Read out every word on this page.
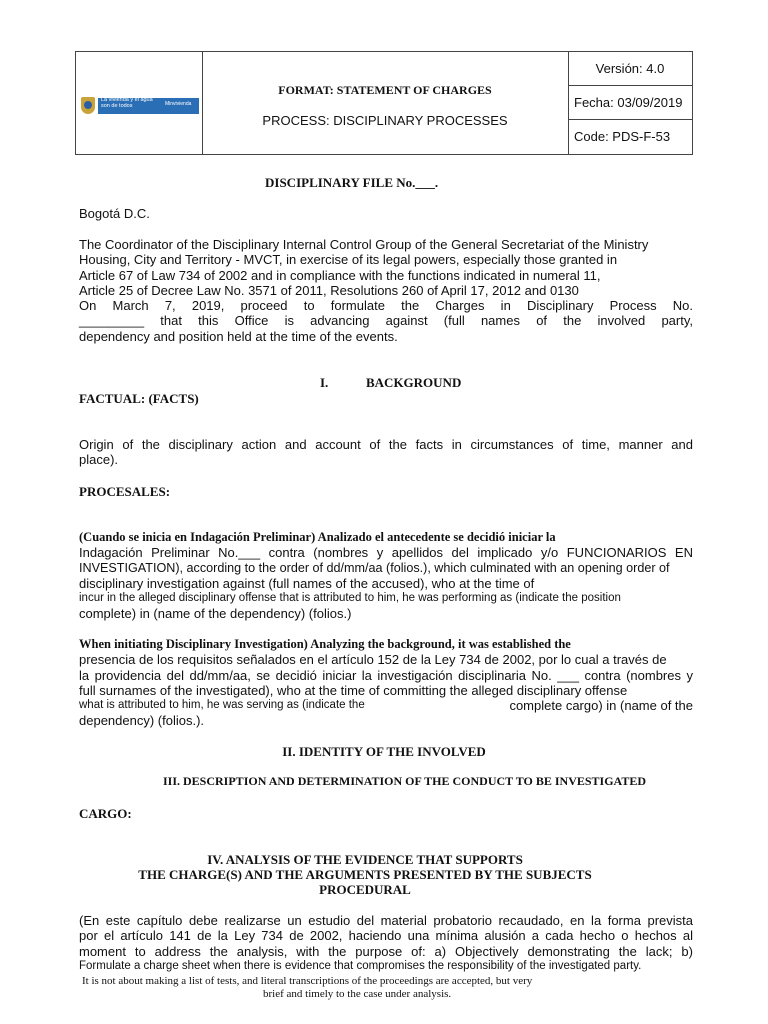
La vivienda y el agua son de todos	Minvivienda
FORMAT: STATEMENT OF CHARGES
PROCESS: DISCIPLINARY PROCESSES
Versión: 4.0
Fecha: 03/09/2019
Code: PDS-F-53
DISCIPLINARY FILE No.___.
Bogotá D.C.
The Coordinator of the Disciplinary Internal Control Group of the General Secretariat of the Ministry
Housing, City and Territory - MVCT, in exercise of its legal powers, especially those granted in
Article 67 of Law 734 of 2002 and in compliance with the functions indicated in numeral 11,
Article 25 of Decree Law No. 3571 of 2011, Resolutions 260 of April 17, 2012 and 0130
On March 7, 2019, proceed to formulate the Charges in Disciplinary Process No.
_________ that this Office is advancing against (full names of the involved party,
dependency and position held at the time of the events.
I.	BACKGROUND
FACTUAL: (FACTS)
Origin of the disciplinary action and account of the facts in circumstances of time, manner and
place).
PROCESALES:
(Cuando se inicia en Indagación Preliminar) Analizado el antecedente se decidió iniciar la
Indagación Preliminar No.___ contra (nombres y apellidos del implicado y/o FUNCIONARIOS EN
INVESTIGATION), according to the order of dd/mm/aa (folios.), which culminated with an opening order of
disciplinary investigation against (full names of the accused), who at the time of
incur in the alleged disciplinary offense that is attributed to him, he was performing as (indicate the position
complete) in (name of the dependency) (folios.)
When initiating Disciplinary Investigation) Analyzing the background, it was established the
presencia de los requisitos señalados en el artículo 152 de la Ley 734 de 2002, por lo cual a través de
la providencia del dd/mm/aa, se decidió iniciar la investigación disciplinaria No. ___ contra (nombres y
full surnames of the investigated), who at the time of committing the alleged disciplinary offense
what is attributed to him, he was serving as (indicate the	complete cargo) in (name of the
dependency) (folios.).
II. IDENTITY OF THE INVOLVED
III. DESCRIPTION AND DETERMINATION OF THE CONDUCT TO BE INVESTIGATED
CARGO:
IV. ANALYSIS OF THE EVIDENCE THAT SUPPORTS
THE CHARGE(S) AND THE ARGUMENTS PRESENTED BY THE SUBJECTS
PROCEDURAL
(En este capítulo debe realizarse un estudio del material probatorio recaudado, en la forma prevista
por el artículo 141 de la Ley 734 de 2002, haciendo una mínima alusión a cada hecho o hechos al
moment to address the analysis, with the purpose of: a) Objectively demonstrating the lack; b)
Formulate a charge sheet when there is evidence that compromises the responsibility of the investigated party.
It is not about making a list of tests, and literal transcriptions of the proceedings are accepted, but very
brief and timely to the case under analysis.
